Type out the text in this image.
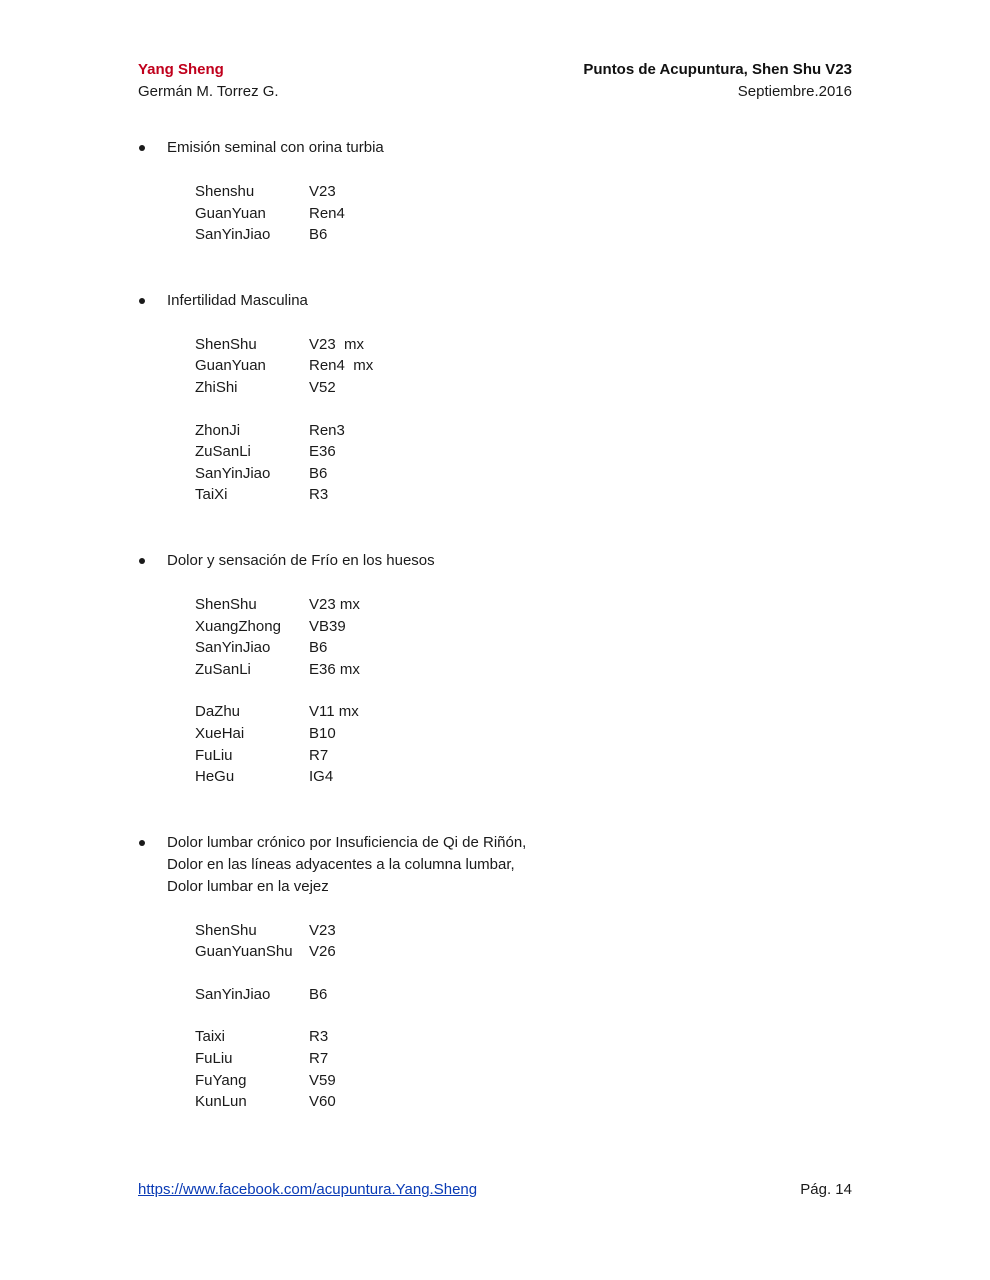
Yang Sheng
Germán M. Torrez G.
Puntos de Acupuntura, Shen Shu V23
Septiembre.2016
Emisión seminal con orina turbia
Shenshu	V23
GuanYuan	Ren4
SanYinJiao	B6
Infertilidad Masculina
ShenShu	V23  mx
GuanYuan	Ren4  mx
ZhiShi	V52
ZhonJi	Ren3
ZuSanLi	E36
SanYinJiao	B6
TaiXi	R3
Dolor y sensación de Frío en los huesos
ShenShu	V23 mx
XuangZhong	VB39
SanYinJiao	B6
ZuSanLi	E36 mx
DaZhu	V11 mx
XueHai	B10
FuLiu	R7
HeGu	IG4
Dolor lumbar crónico por Insuficiencia de Qi de Riñón,
Dolor en las líneas adyacentes a la columna lumbar,
Dolor lumbar en la vejez
ShenShu	V23
GuanYuanShu	V26
SanYinJiao	B6
Taixi	R3
FuLiu	R7
FuYang	V59
KunLun	V60
https://www.facebook.com/acupuntura.Yang.Sheng	Pág. 14
